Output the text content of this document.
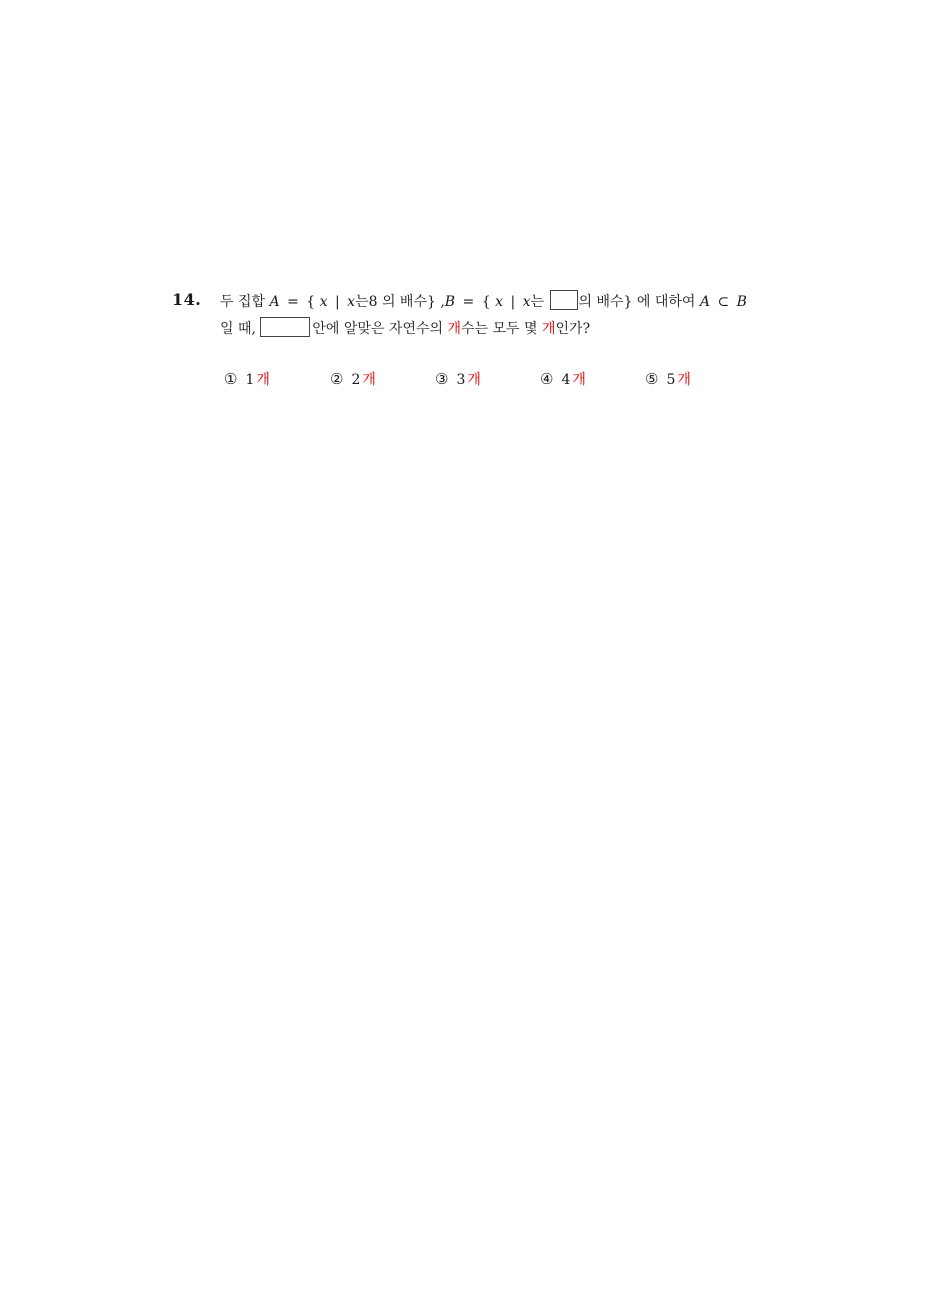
14. 두 집합 A = { x | x는8 의 배수} ,B = { x | x는 의 배수} 에 대하여 A ⊂ B
일 때,	안에 알맞은 자연수의 개수는 모두 몇 개인가?
① 1 개	② 2 개	③ 3 개	④ 4 개	⑤ 5 개
